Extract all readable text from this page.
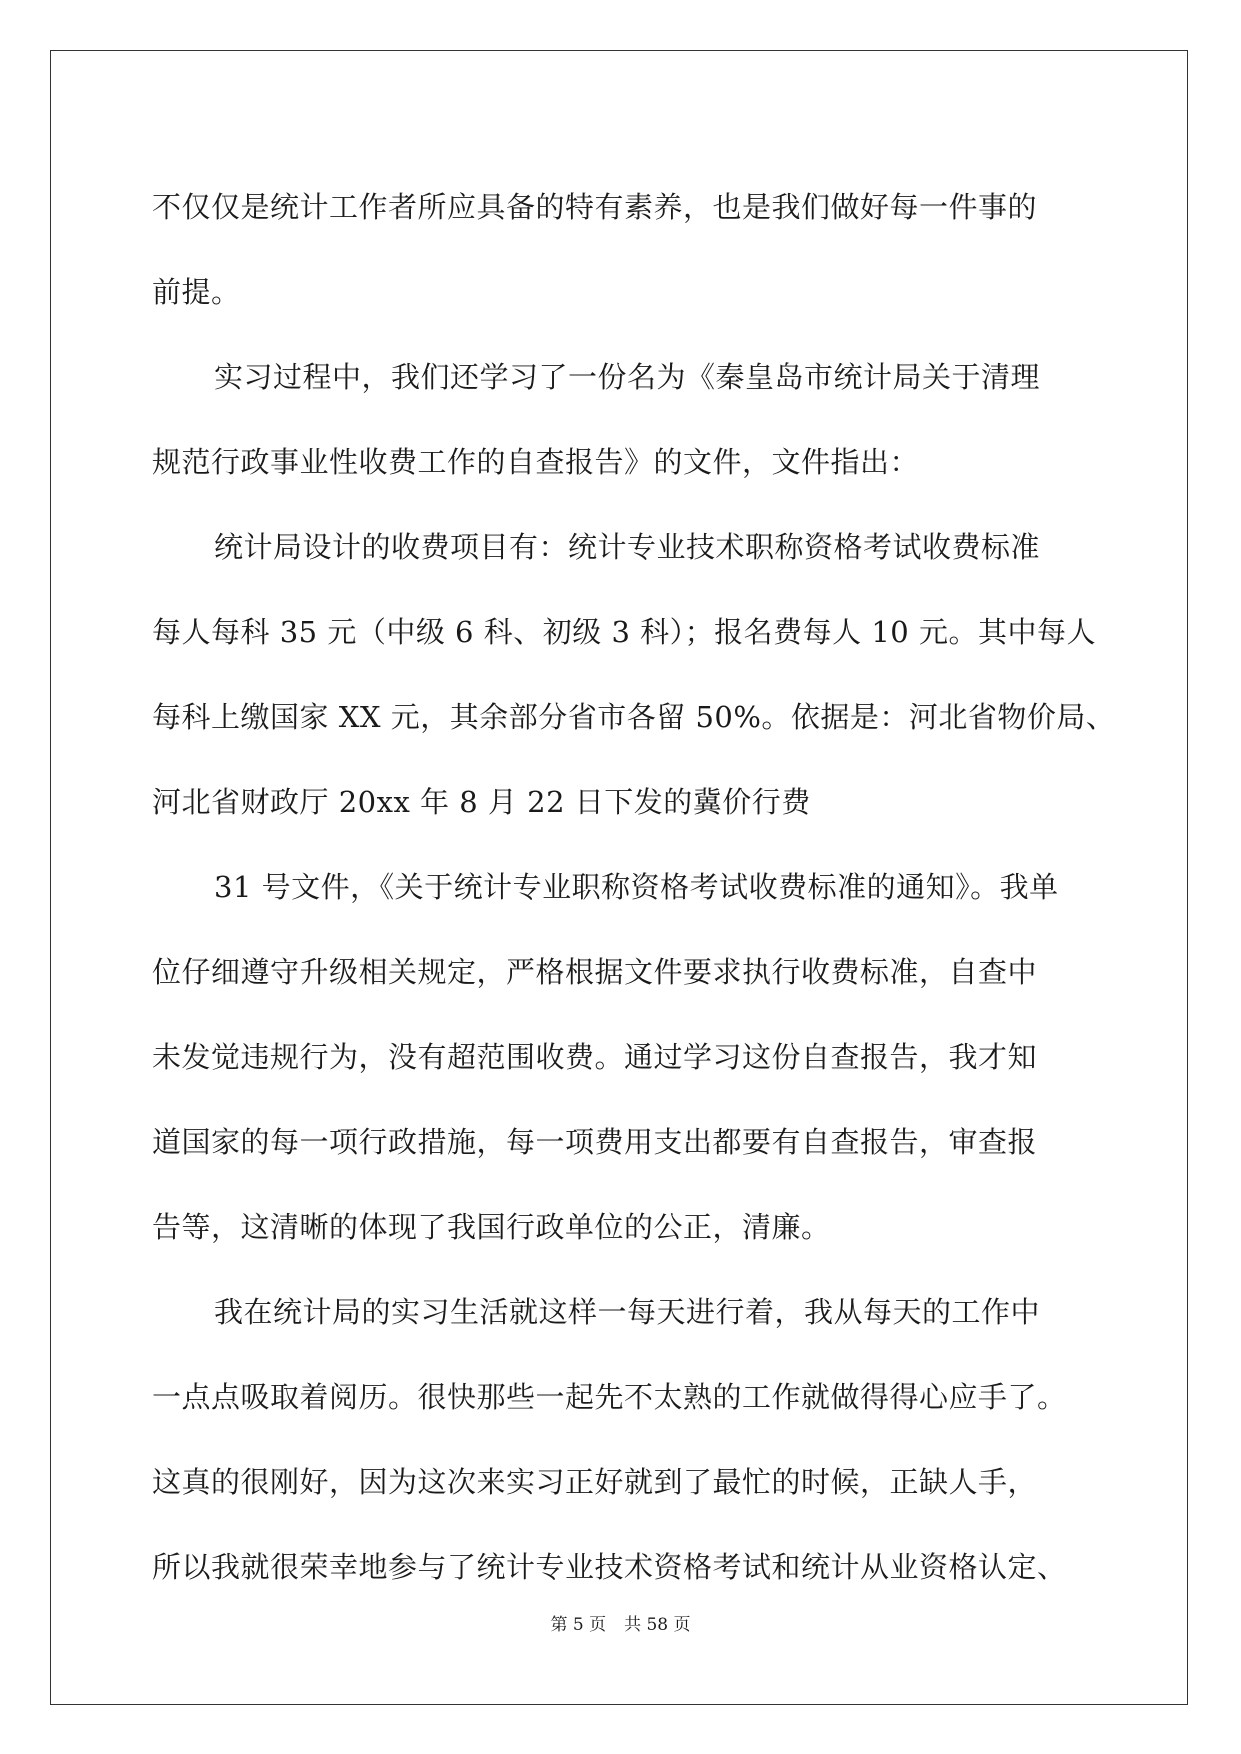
不仅仅是统计工作者所应具备的特有素养，也是我们做好每一件事的
前提。
实习过程中，我们还学习了一份名为《秦皇岛市统计局关于清理
规范行政事业性收费工作的自查报告》的文件，文件指出：
统计局设计的收费项目有：统计专业技术职称资格考试收费标准
每人每科 35 元（中级 6 科、初级 3 科）；报名费每人 10 元。其中每人
每科上缴国家 XX 元，其余部分省市各留 50%。依据是：河北省物价局、
河北省财政厅 20xx 年 8 月 22 日下发的冀价行费
31 号文件，《关于统计专业职称资格考试收费标准的通知》。我单
位仔细遵守升级相关规定，严格根据文件要求执行收费标准，自查中
未发觉违规行为，没有超范围收费。通过学习这份自查报告，我才知
道国家的每一项行政措施，每一项费用支出都要有自查报告，审查报
告等，这清晰的体现了我国行政单位的公正，清廉。
我在统计局的实习生活就这样一每天进行着，我从每天的工作中
一点点吸取着阅历。很快那些一起先不太熟的工作就做得得心应手了。
这真的很刚好，因为这次来实习正好就到了最忙的时候，正缺人手，
所以我就很荣幸地参与了统计专业技术资格考试和统计从业资格认定、
第 5 页 共 58 页
